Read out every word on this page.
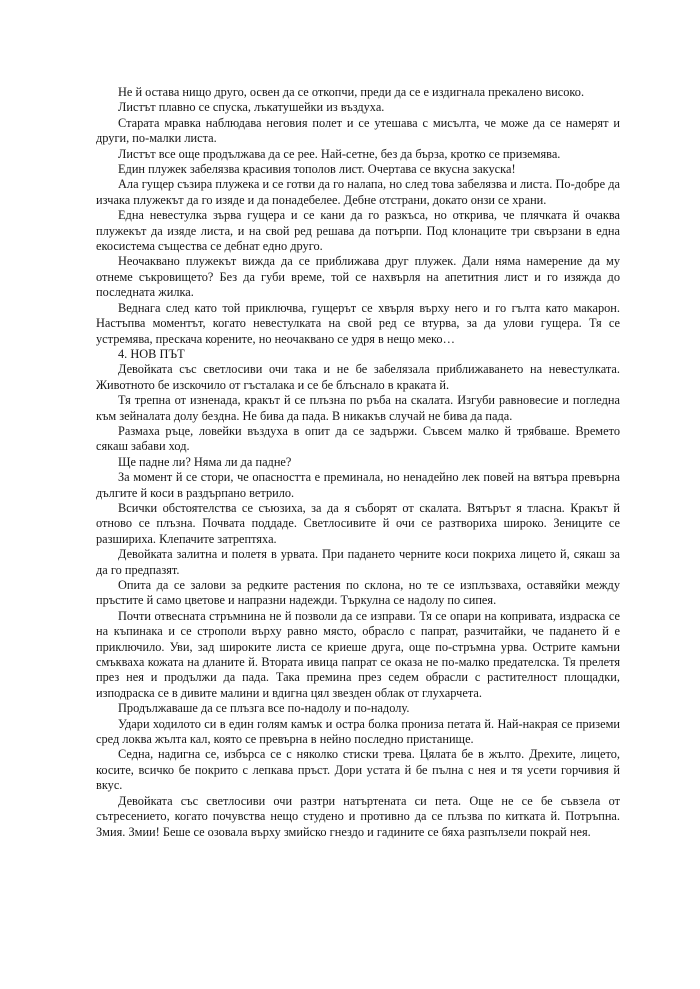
Не й остава нищо друго, освен да се откопчи, преди да се е издигнала прекалено високо.

Листът плавно се спуска, лъкатушейки из въздуха.

Старата мравка наблюдава неговия полет и се утешава с мисълта, че може да се намерят и други, по-малки листа.

Листът все още продължава да се рее. Най-сетне, без да бърза, кротко се приземява.

Един плужек забелязва красивия тополов лист. Очертава се вкусна закуска!

Ала гущер съзира плужека и се готви да го налапа, но след това забелязва и листа. По-добре да изчака плужекът да го изяде и да понадебелее. Дебне отстрани, докато онзи се храни.

Една невестулка зърва гущера и се кани да го разкъса, но открива, че плячката й очаква плужекът да изяде листа, и на свой ред решава да потърпи. Под клонаците три свързани в една екосистема същества се дебнат едно друго.

Неочаквано плужекът вижда да се приближава друг плужек. Дали няма намерение да му отнеме съкровището? Без да губи време, той се нахвърля на апетитния лист и го изяжда до последната жилка.

Веднага след като той приключва, гущерът се хвърля върху него и го гълта като макарон. Настъпва моментът, когато невестулката на свой ред се втурва, за да улови гущера. Тя се устремява, прескача корените, но неочаквано се удря в нещо меко…

4. НОВ ПЪТ

Девойката със светлосиви очи така и не бе забелязала приближаването на невестулката. Животното бе изскочило от гъсталака и се бе блъснало в краката й.

Тя трепна от изненада, кракът й се плъзна по ръба на скалата. Изгуби равновесие и погледна към зейналата долу бездна. Не бива да пада. В никакъв случай не бива да пада.

Размаха ръце, ловейки въздуха в опит да се задържи. Съвсем малко й трябваше. Времето сякаш забави ход.

Ще падне ли? Няма ли да падне?

За момент й се стори, че опасността е преминала, но ненадейно лек повей на вятъра превърна дългите й коси в раздърпано ветрило.

Всички обстоятелства се съюзиха, за да я съборят от скалата. Вятърът я тласна. Кракът й отново се плъзна. Почвата поддаде. Светлосивите й очи се разтвориха широко. Зениците се разшириха. Клепачите затрептяха.

Девойката залитна и полетя в урвата. При падането черните коси покриха лицето й, сякаш за да го предпазят.

Опита да се залови за редките растения по склона, но те се изплъзваха, оставяйки между пръстите й само цветове и напразни надежди. Търкулна се надолу по сипея.

Почти отвесната стръмнина не й позволи да се изправи. Тя се опари на копривата, издраска се на къпинака и се строполи върху равно място, обрасло с папрат, разчитайки, че падането й е приключило. Уви, зад широките листа се криеше друга, още по-стръмна урва. Острите камъни смъкваха кожата на дланите й. Втората ивица папрат се оказа не по-малко предателска. Тя прелетя през нея и продължи да пада. Така премина през седем обрасли с растителност площадки, изподраска се в дивите малини и вдигна цял звезден облак от глухарчета.

Продължаваше да се плъзга все по-надолу и по-надолу.

Удари ходилото си в един голям камък и остра болка прониза петата й. Най-накрая се приземи сред локва жълта кал, която се превърна в нейно последно пристанище.

Седна, надигна се, избърса се с няколко стиски трева. Цялата бе в жълто. Дрехите, лицето, косите, всичко бе покрито с лепкава пръст. Дори устата й бе пълна с нея и тя усети горчивия й вкус.

Девойката със светлосиви очи разтри натъртената си пета. Още не се бе съвзела от сътресението, когато почувства нещо студено и противно да се плъзва по китката й. Потръпна. Змия. Змии! Беше се озовала върху змийско гнездо и гадините се бяха разпълзели покрай нея.
